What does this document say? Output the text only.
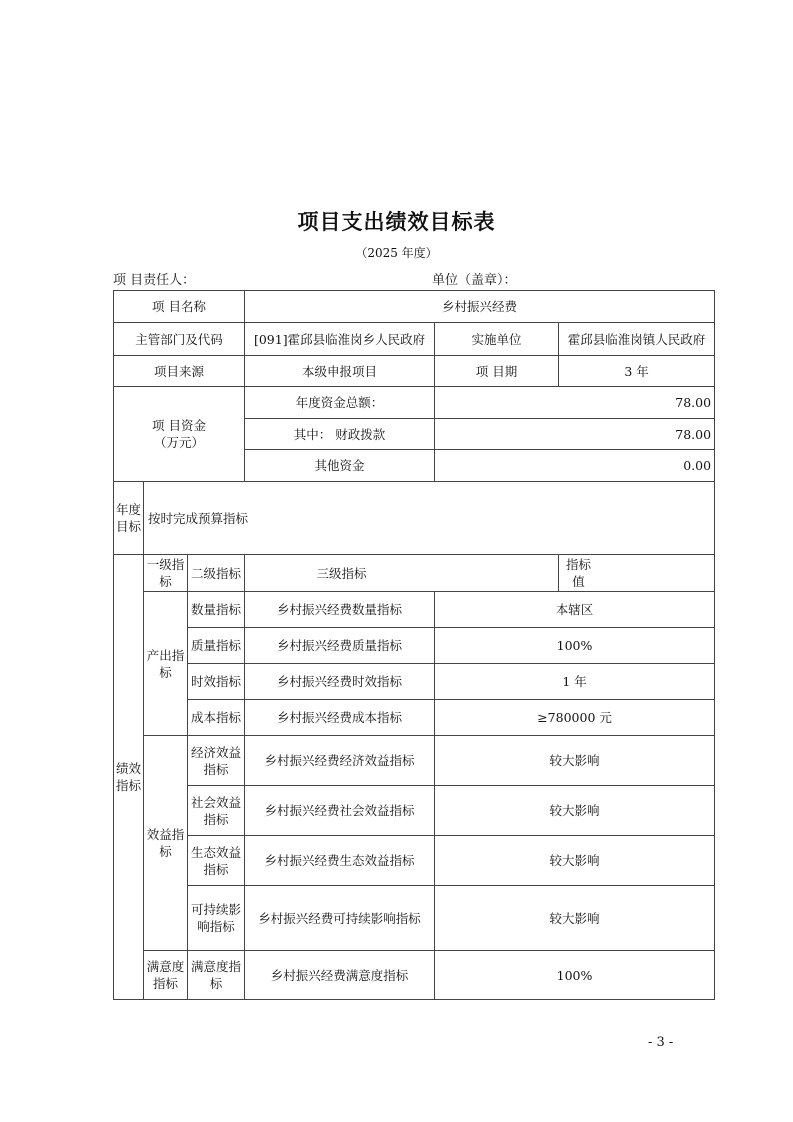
项目支出绩效目标表
（2025 年度）
项 目责任人：	单位（盖章）：
项 目名称			乡村振兴经费		
主管部门及代码			[091]霍邱县临淮岗乡人民政府	实施单位	霍邱县临淮岗镇人民政府
项目来源			本级申报项目	项 目期	3 年
项 目资金（万元）			年度资金总额：	78.00	
			其中： 财政拨款	78.00	
			其他资金	0.00	
年度目标	按时完成预算指标				
绩效指标	一级指标	二级指标	三级指标		指标值
	产出指标	数量指标	乡村振兴经费数量指标	本辖区	
		质量指标	乡村振兴经费质量指标	100%	
		时效指标	乡村振兴经费时效指标	1 年	
		成本指标	乡村振兴经费成本指标	≥780000 元	
	效益指标	经济效益指标	乡村振兴经费经济效益指标	较大影响	
		社会效益指标	乡村振兴经费社会效益指标	较大影响	
		生态效益指标	乡村振兴经费生态效益指标	较大影响	
		可持续影响指标	乡村振兴经费可持续影响指标	较大影响	
	满意度指标	满意度指标	乡村振兴经费满意度指标	100%	
- 3 -
